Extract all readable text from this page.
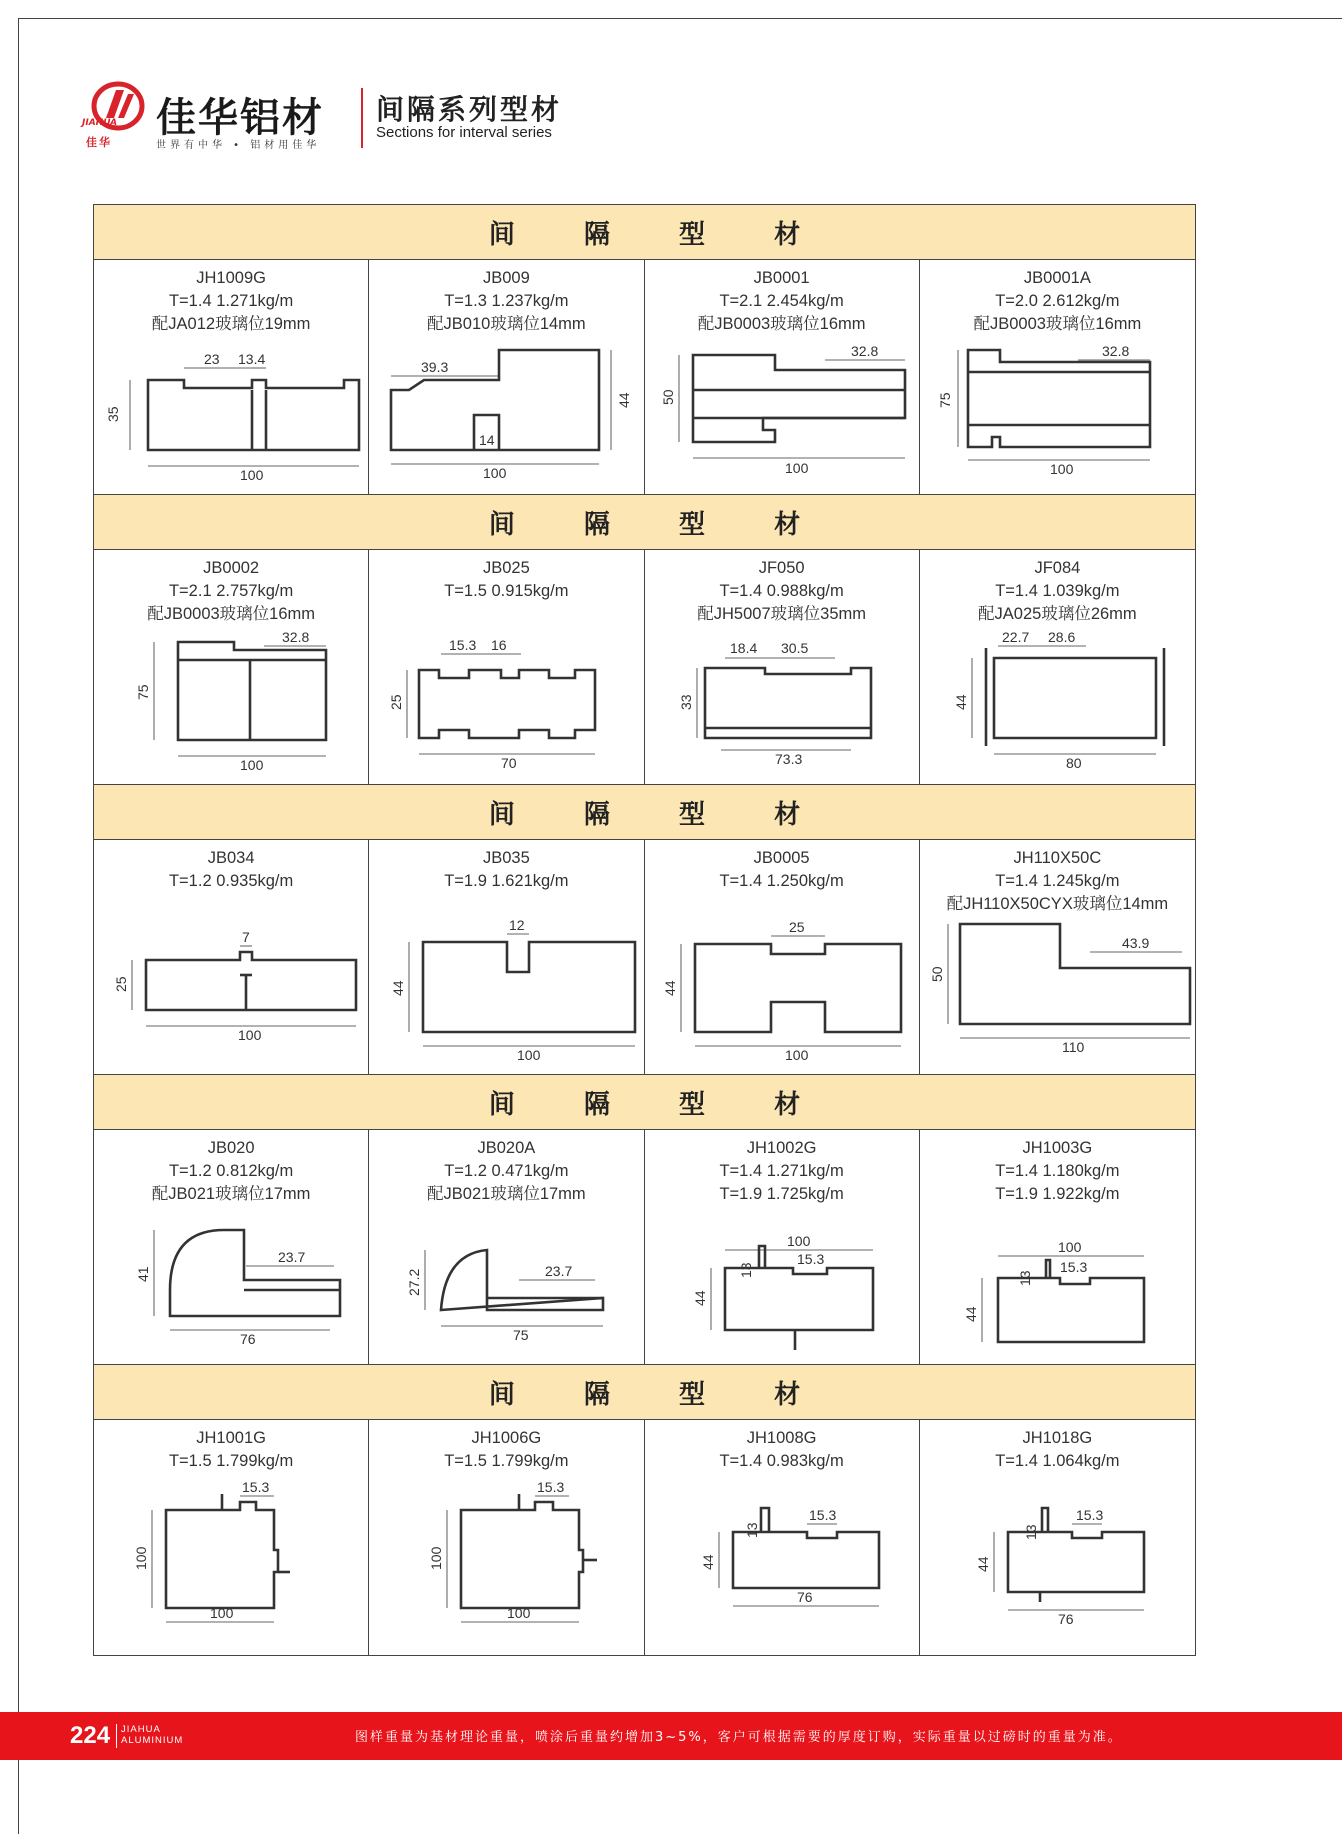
JIAHUA
佳华
佳华铝材
世界有中华 • 铝材用佳华
间隔系列型材
Sections for interval series
间 隔 型 材
JH1009G
T=1.4 1.271kg/m
配JA012玻璃位19mm
23 13.4
35
100
JB009
T=1.3 1.237kg/m
配JB010玻璃位14mm
39.3
44
14
100
JB0001
T=2.1 2.454kg/m
配JB0003玻璃位16mm
32.8
50
100
JB0001A
T=2.0 2.612kg/m
配JB0003玻璃位16mm
32.8
75
100
间 隔 型 材
JB0002
T=2.1 2.757kg/m
配JB0003玻璃位16mm
32.8
75
100
JB025
T=1.5 0.915kg/m
15.3 16
25
70
JF050
T=1.4 0.988kg/m
配JH5007玻璃位35mm
18.4 30.5
33
73.3
JF084
T=1.4 1.039kg/m
配JA025玻璃位26mm
22.7 28.6
44
80
间 隔 型 材
JB034
T=1.2 0.935kg/m
7
25
100
JB035
T=1.9 1.621kg/m
12
44
100
JB0005
T=1.4 1.250kg/m
25
44
100
JH110X50C
T=1.4 1.245kg/m
配JH110X50CYX玻璃位14mm
43.9
50
110
间 隔 型 材
JB020
T=1.2 0.812kg/m
配JB021玻璃位17mm
23.7
41
76
JB020A
T=1.2 0.471kg/m
配JB021玻璃位17mm
23.7
27.2
75
JH1002G
T=1.4 1.271kg/m
T=1.9 1.725kg/m
100
13
15.3
44
JH1003G
T=1.4 1.180kg/m
T=1.9 1.922kg/m
100
13
15.3
44
间 隔 型 材
JH1001G
T=1.5 1.799kg/m
15.3
100
100
JH1006G
T=1.5 1.799kg/m
15.3
100
100
JH1008G
T=1.4 0.983kg/m
15.3
13
44
76
JH1018G
T=1.4 1.064kg/m
15.3
13
44
76
224 JIAHUA
ALUMINIUM	图样重量为基材理论重量，喷涂后重量约增加3~5%，客户可根据需要的厚度订购，实际重量以过磅时的重量为准。
